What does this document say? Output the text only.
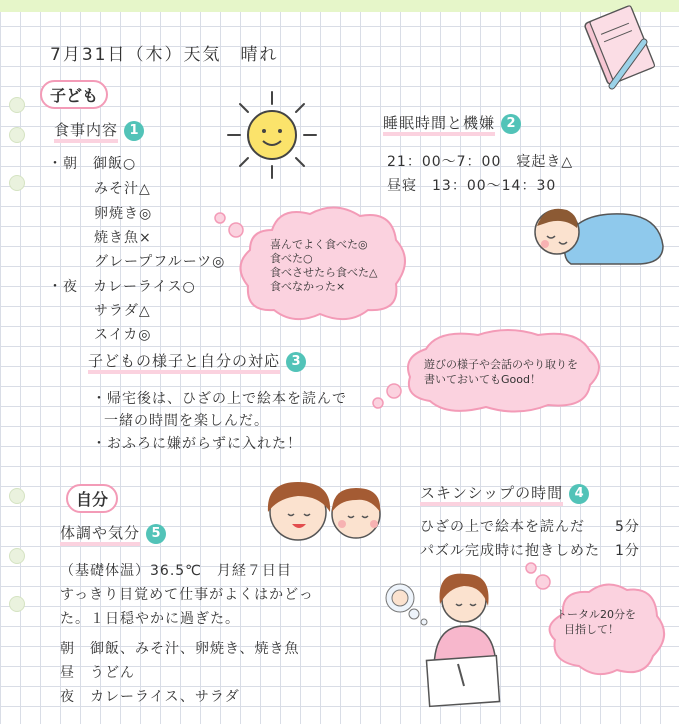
7月31日（木）天気　晴れ
子ども
食事内容 1
・朝　御飯○
みそ汁△
卵焼き◎
焼き魚×
グレープフルーツ◎
・夜　カレーライス○
サラダ△
スイカ◎
喜んでよく食べた◎
食べた○
食べさせたら食べた△
食べなかった×
睡眠時間と機嫌 2
21：00〜7：00　寝起き△
昼寝　13：00〜14：30
子どもの様子と自分の対応 3
・帰宅後は、ひざの上で絵本を読んで
一緒の時間を楽しんだ。
・おふろに嫌がらずに入れた！
遊びの様子や会話のやり取りを
書いておいてもGood！
自分
体調や気分 5
（基礎体温）36.5℃　月経７日目
すっきり目覚めて仕事がよくはかどっ
た。１日穏やかに過ぎた。
朝　御飯、みそ汁、卵焼き、焼き魚
昼　うどん
夜　カレーライス、サラダ
スキンシップの時間 4
ひざの上で絵本を読んだ　　5分
パズル完成時に抱きしめた　1分
トータル20分を
目指して！
